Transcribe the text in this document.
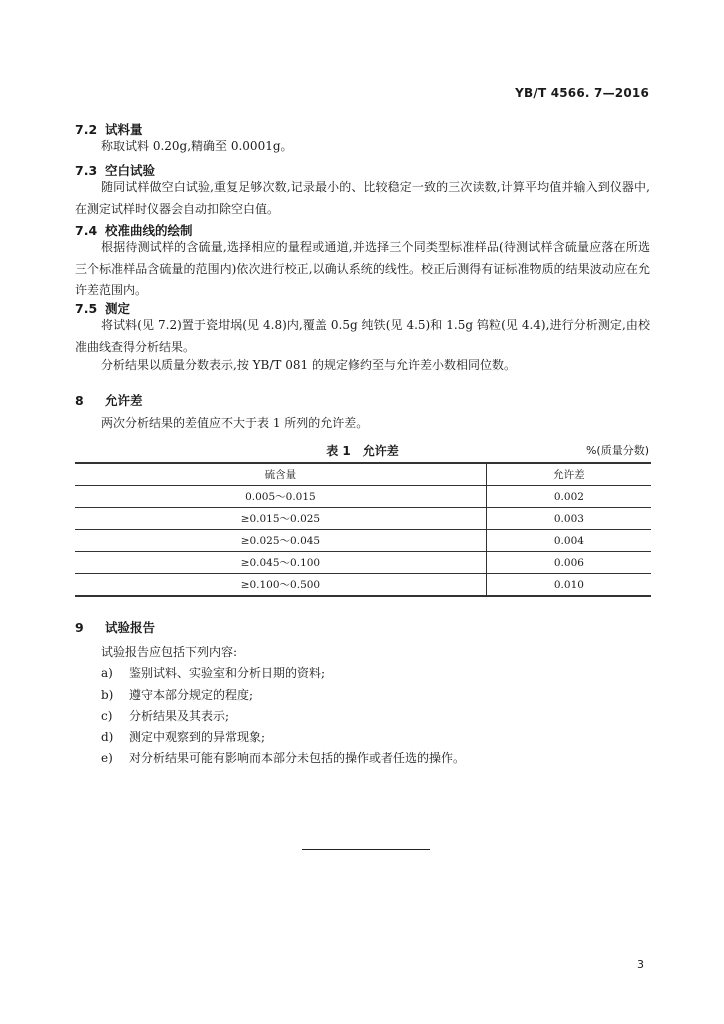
YB/T 4566. 7—2016
7.2 试料量
称取试料 0.20g,精确至 0.0001g。
7.3 空白试验
随同试样做空白试验,重复足够次数,记录最小的、比较稳定一致的三次读数,计算平均值并输入到仪器中,在测定试样时仪器会自动扣除空白值。
7.4 校准曲线的绘制
根据待测试样的含硫量,选择相应的量程或通道,并选择三个同类型标准样品(待测试样含硫量应落在所选三个标准样品含硫量的范围内)依次进行校正,以确认系统的线性。校正后测得有证标准物质的结果波动应在允许差范围内。
7.5 测定
将试料(见 7.2)置于瓷坩埚(见 4.8)内,覆盖 0.5g 纯铁(见 4.5)和 1.5g 钨粒(见 4.4),进行分析测定,由校准曲线查得分析结果。
分析结果以质量分数表示,按 YB/T 081 的规定修约至与允许差小数相同位数。
8 允许差
两次分析结果的差值应不大于表 1 所列的允许差。
表 1　允许差	%(质量分数)
硫含量	允许差
0.005～0.015	0.002
≥0.015～0.025	0.003
≥0.025～0.045	0.004
≥0.045～0.100	0.006
≥0.100～0.500	0.010
9 试验报告
试验报告应包括下列内容:
a) 鉴别试料、实验室和分析日期的资料;
b) 遵守本部分规定的程度;
c) 分析结果及其表示;
d) 测定中观察到的异常现象;
e) 对分析结果可能有影响而本部分未包括的操作或者任选的操作。
3
